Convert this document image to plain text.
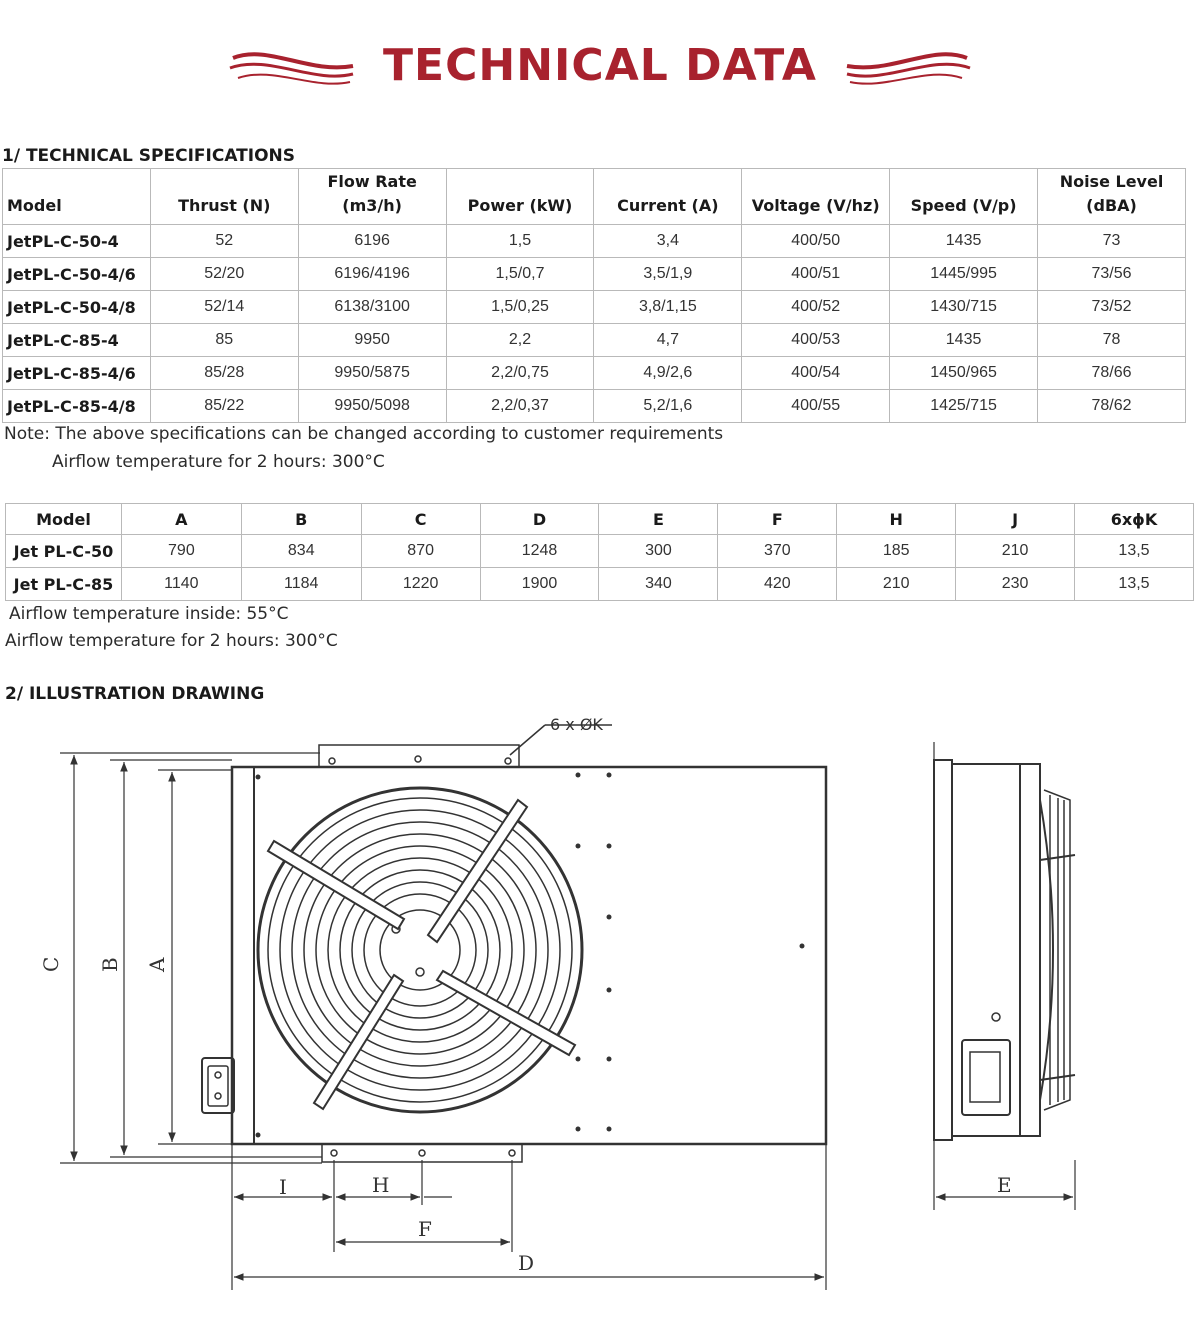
TECHNICAL DATA
1/ TECHNICAL SPECIFICATIONS
Model	Thrust (N)	Flow Rate (m3/h)	Power (kW)	Current (A)	Voltage (V/hz)	Speed (V/p)	Noise Level (dBA)
JetPL-C-50-4	52	6196	1,5	3,4	400/50	1435	73
JetPL-C-50-4/6	52/20	6196/4196	1,5/0,7	3,5/1,9	400/51	1445/995	73/56
JetPL-C-50-4/8	52/14	6138/3100	1,5/0,25	3,8/1,15	400/52	1430/715	73/52
JetPL-C-85-4	85	9950	2,2	4,7	400/53	1435	78
JetPL-C-85-4/6	85/28	9950/5875	2,2/0,75	4,9/2,6	400/54	1450/965	78/66
JetPL-C-85-4/8	85/22	9950/5098	2,2/0,37	5,2/1,6	400/55	1425/715	78/62
Note: The above specifications can be changed according to customer requirements
Airflow temperature for 2 hours: 300°C
Model	A	B	C	D	E	F	H	J	6xϕK
Jet PL-C-50	790	834	870	1248	300	370	185	210	13,5
Jet PL-C-85	1140	1184	1220	1900	340	420	210	230	13,5
Airflow temperature inside: 55°C
Airflow temperature for 2 hours: 300°C
2/ ILLUSTRATION DRAWING
6 x ØK
C B A
I	H
F
D
E
